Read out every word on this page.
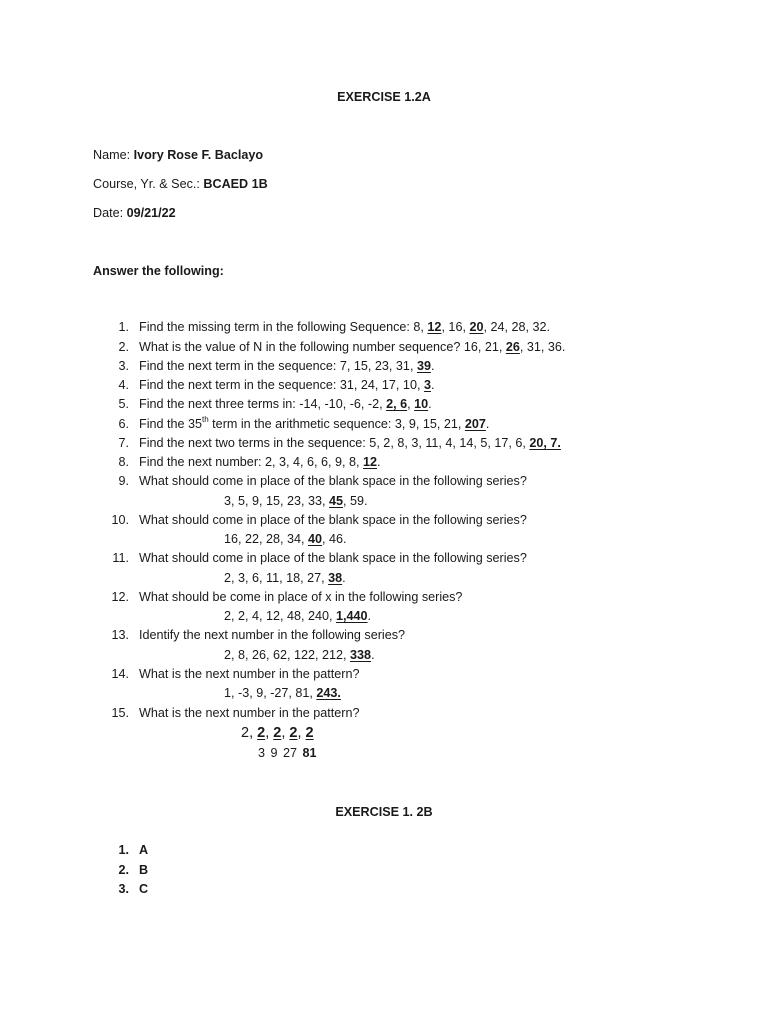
EXERCISE 1.2A
Name: Ivory Rose F. Baclayo
Course, Yr. & Sec.: BCAED 1B
Date: 09/21/22
Answer the following:
1. Find the missing term in the following Sequence: 8, 12, 16, 20, 24, 28, 32.
2. What is the value of N in the following number sequence? 16, 21, 26, 31, 36.
3. Find the next term in the sequence: 7, 15, 23, 31, 39.
4. Find the next term in the sequence: 31, 24, 17, 10, 3.
5. Find the next three terms in: -14, -10, -6, -2, 2, 6, 10.
6. Find the 35th term in the arithmetic sequence: 3, 9, 15, 21, 207.
7. Find the next two terms in the sequence: 5, 2, 8, 3, 11, 4, 14, 5, 17, 6, 20, 7.
8. Find the next number: 2, 3, 4, 6, 6, 9, 8, 12.
9. What should come in place of the blank space in the following series?
3, 5, 9, 15, 23, 33, 45, 59.
10. What should come in place of the blank space in the following series?
16, 22, 28, 34, 40, 46.
11. What should come in place of the blank space in the following series?
2, 3, 6, 11, 18, 27, 38.
12. What should be come in place of x in the following series?
2, 2, 4, 12, 48, 240, 1,440.
13. Identify the next number in the following series?
2, 8, 26, 62, 122, 212, 338.
14. What is the next number in the pattern?
1, -3, 9, -27, 81, 243.
15. What is the next number in the pattern?
2, 2, 2, 2, 2
3 9 27 81
EXERCISE 1. 2B
1. A
2. B
3. C
